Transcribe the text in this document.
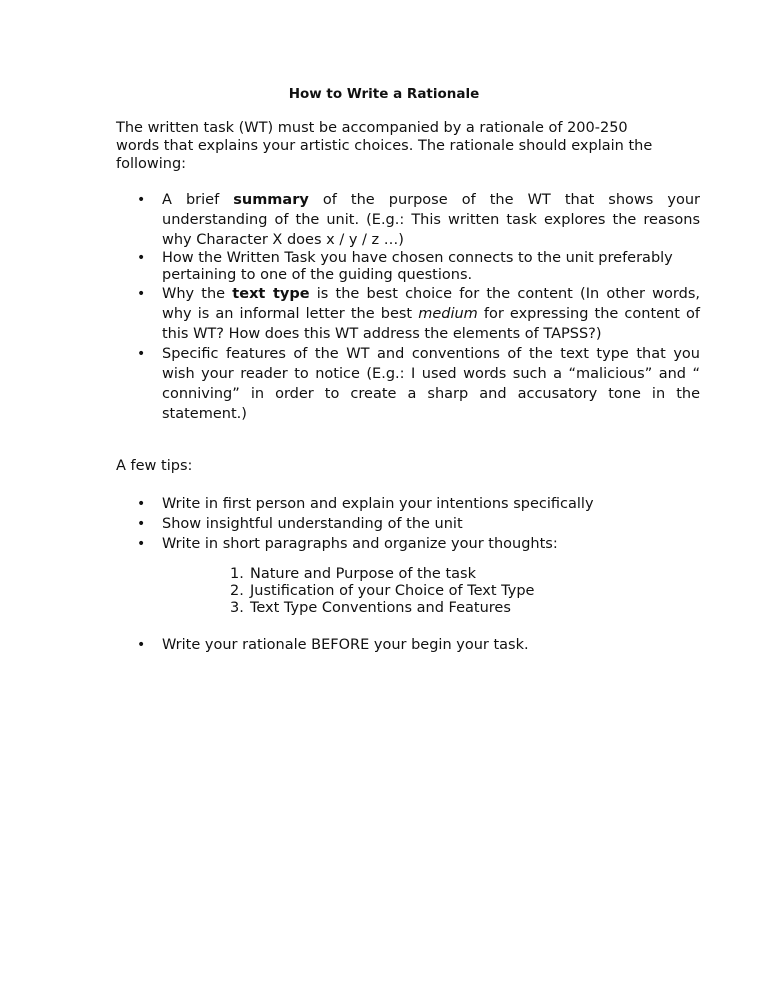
How to Write a Rationale

The written task (WT) must be accompanied by a rationale of 200-250 words that explains your artistic choices. The rationale should explain the following:

• A brief summary of the purpose of the WT that shows your understanding of the unit. (E.g.: This written task explores the reasons why Character X does x / y / z …)
• How the Written Task you have chosen connects to the unit preferably pertaining to one of the guiding questions.
• Why the text type is the best choice for the content (In other words, why is an informal letter the best medium for expressing the content of this WT? How does this WT address the elements of TAPSS?)
• Specific features of the WT and conventions of the text type that you wish your reader to notice (E.g.: I used words such a “malicious” and “ conniving” in order to create a sharp and accusatory tone in the statement.)
A few tips:
• Write in first person and explain your intentions specifically
• Show insightful understanding of the unit
• Write in short paragraphs and organize your thoughts:
1. Nature and Purpose of the task
2. Justification of your Choice of Text Type
3. Text Type Conventions and Features
• Write your rationale BEFORE your begin your task.
